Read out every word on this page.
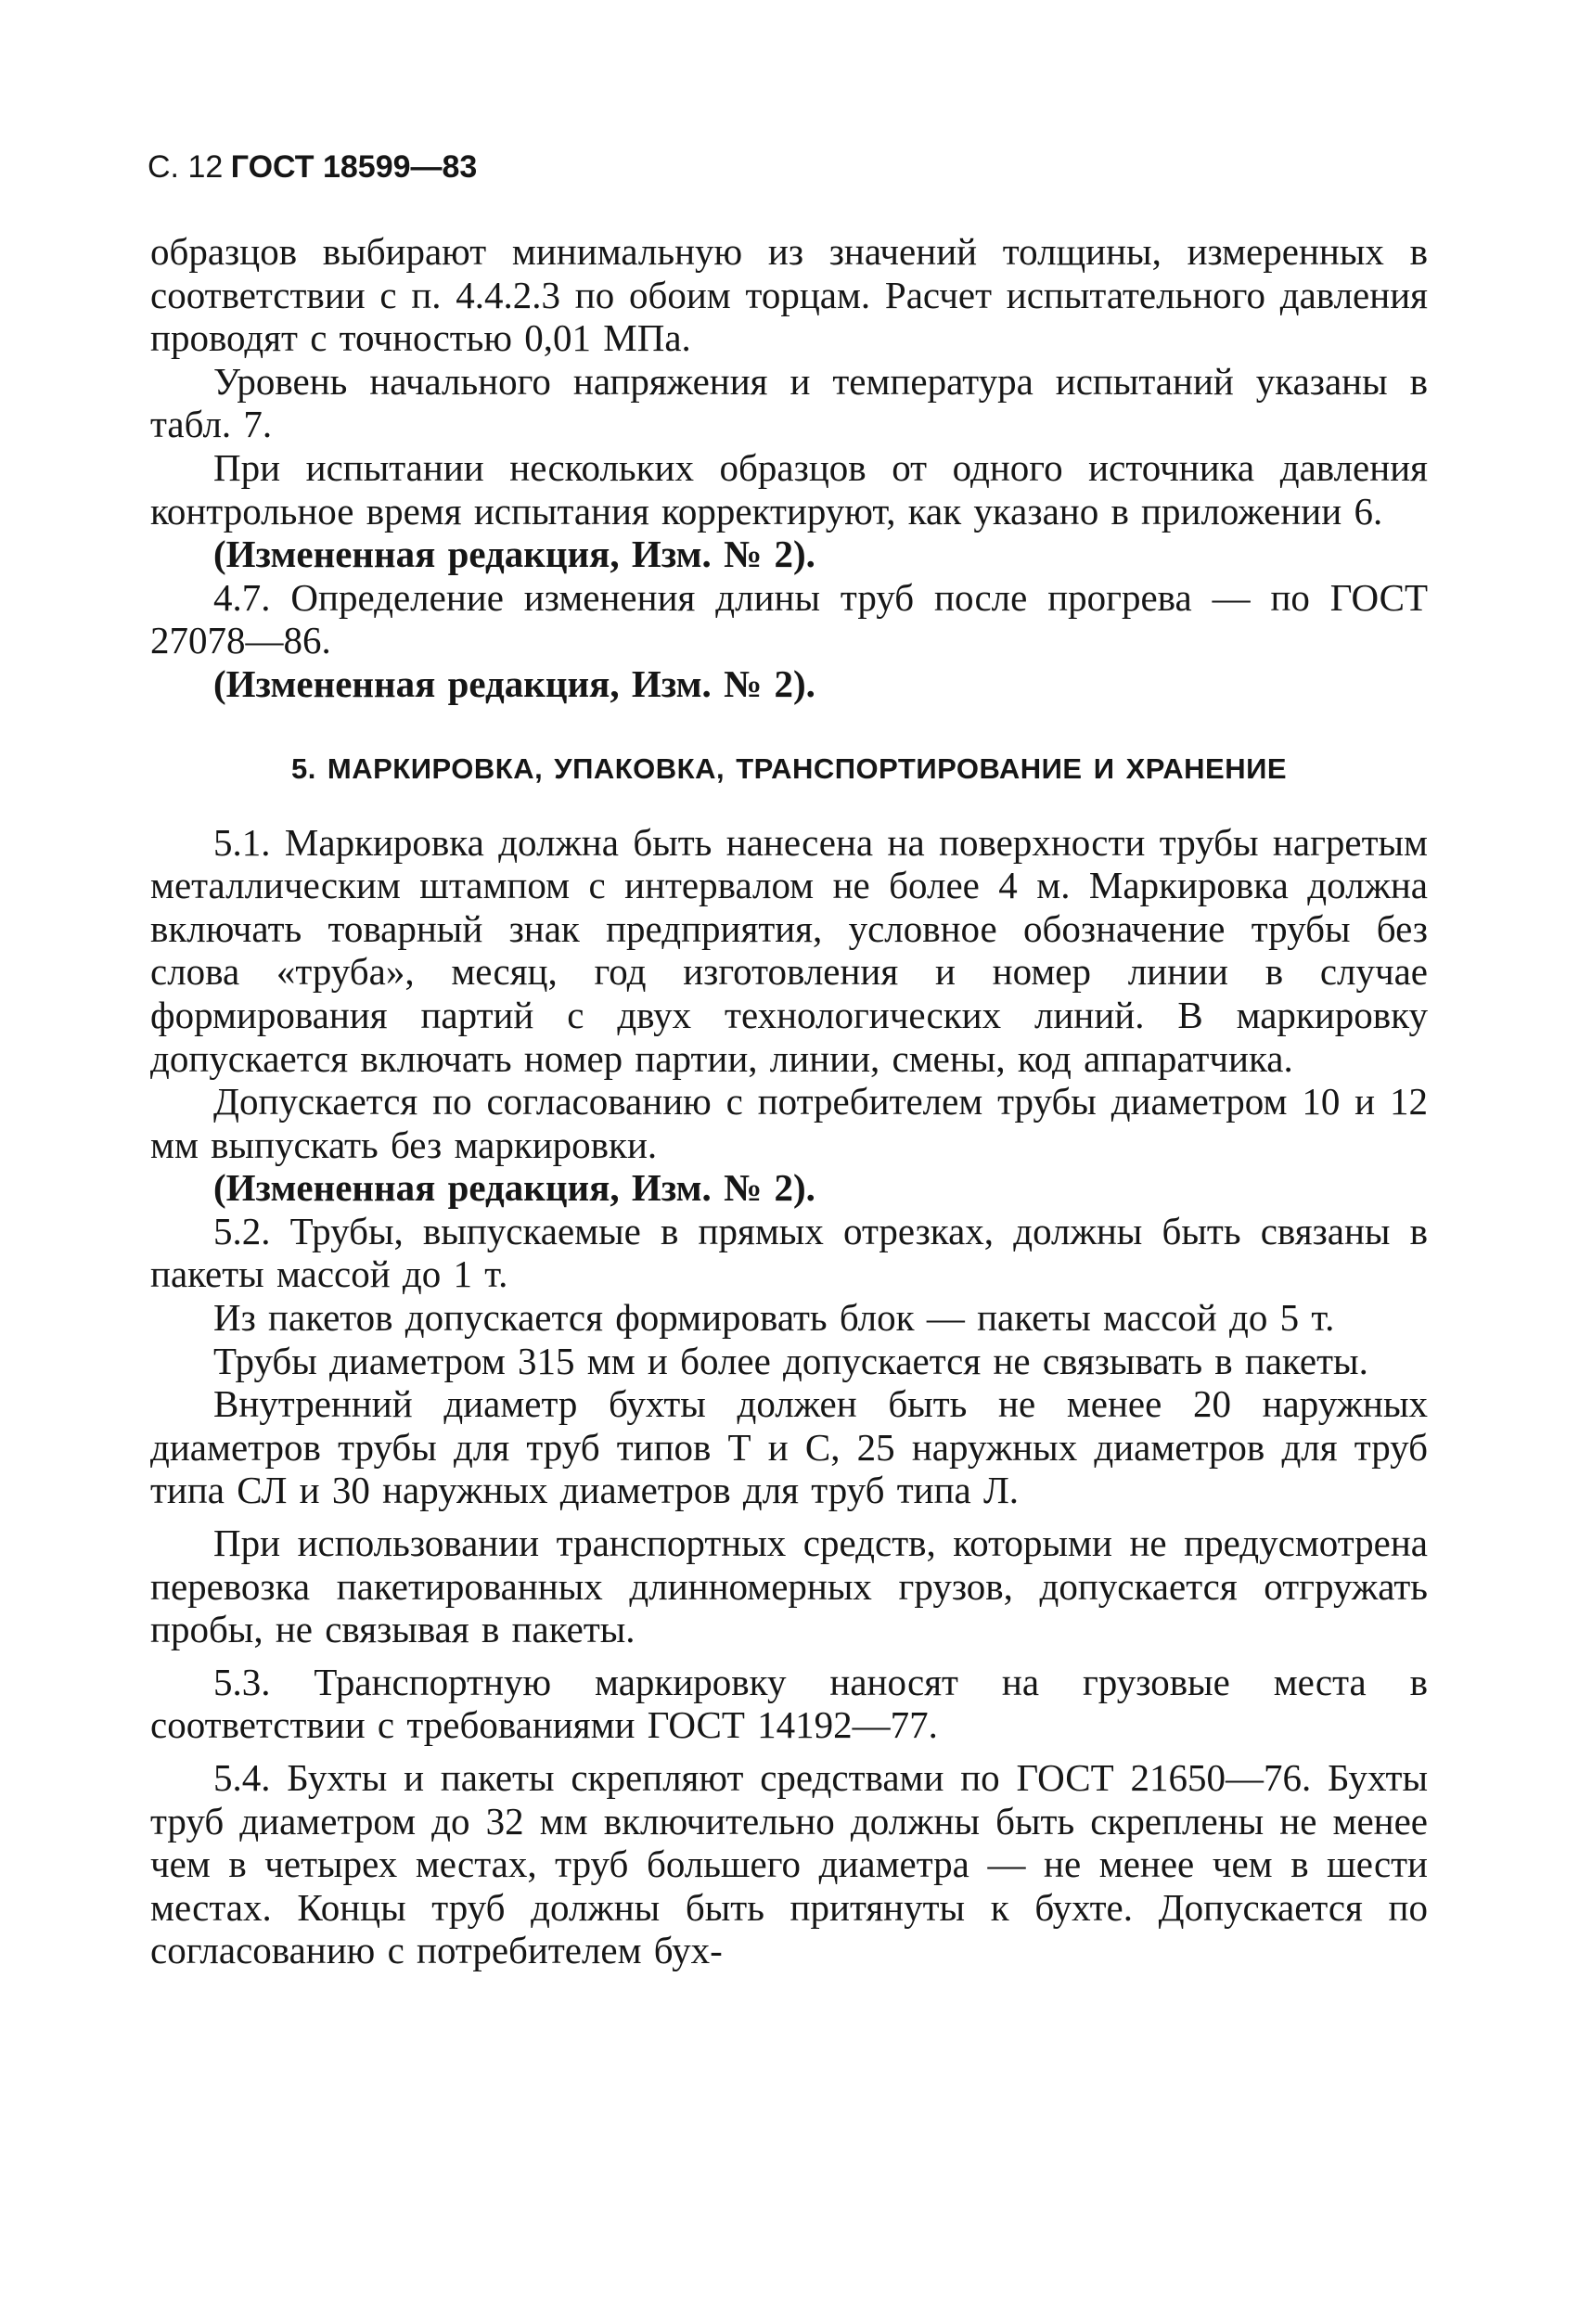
С. 12 ГОСТ 18599—83

образцов выбирают минимальную из значений толщины, измеренных в соответствии с п. 4.4.2.3 по обоим торцам. Расчет испытательного давления проводят с точностью 0,01 МПа.

Уровень начального напряжения и температура испытаний указаны в табл. 7.

При испытании нескольких образцов от одного источника давления контрольное время испытания корректируют, как указано в приложении 6.

(Измененная редакция, Изм. № 2).

4.7. Определение изменения длины труб после прогрева — по ГОСТ 27078—86.

(Измененная редакция, Изм. № 2).

5. МАРКИРОВКА, УПАКОВКА, ТРАНСПОРТИРОВАНИЕ И ХРАНЕНИЕ

5.1. Маркировка должна быть нанесена на поверхности трубы нагретым металлическим штампом с интервалом не более 4 м. Маркировка должна включать товарный знак предприятия, условное обозначение трубы без слова «труба», месяц, год изготовления и номер линии в случае формирования партий с двух технологических линий. В маркировку допускается включать номер партии, линии, смены, код аппаратчика.

Допускается по согласованию с потребителем трубы диаметром 10 и 12 мм выпускать без маркировки.

(Измененная редакция, Изм. № 2).

5.2. Трубы, выпускаемые в прямых отрезках, должны быть связаны в пакеты массой до 1 т.

Из пакетов допускается формировать блок — пакеты массой до 5 т.

Трубы диаметром 315 мм и более допускается не связывать в пакеты.

Внутренний диаметр бухты должен быть не менее 20 наружных диаметров трубы для труб типов Т и С, 25 наружных диаметров для труб типа СЛ и 30 наружных диаметров для труб типа Л.

При использовании транспортных средств, которыми не предусмотрена перевозка пакетированных длинномерных грузов, допускается отгружать пробы, не связывая в пакеты.

5.3. Транспортную маркировку наносят на грузовые места в соответствии с требованиями ГОСТ 14192—77.

5.4. Бухты и пакеты скрепляют средствами по ГОСТ 21650—76. Бухты труб диаметром до 32 мм включительно должны быть скреплены не менее чем в четырех местах, труб большего диаметра — не менее чем в шести местах. Концы труб должны быть притянуты к бухте. Допускается по согласованию с потребителем бух-
